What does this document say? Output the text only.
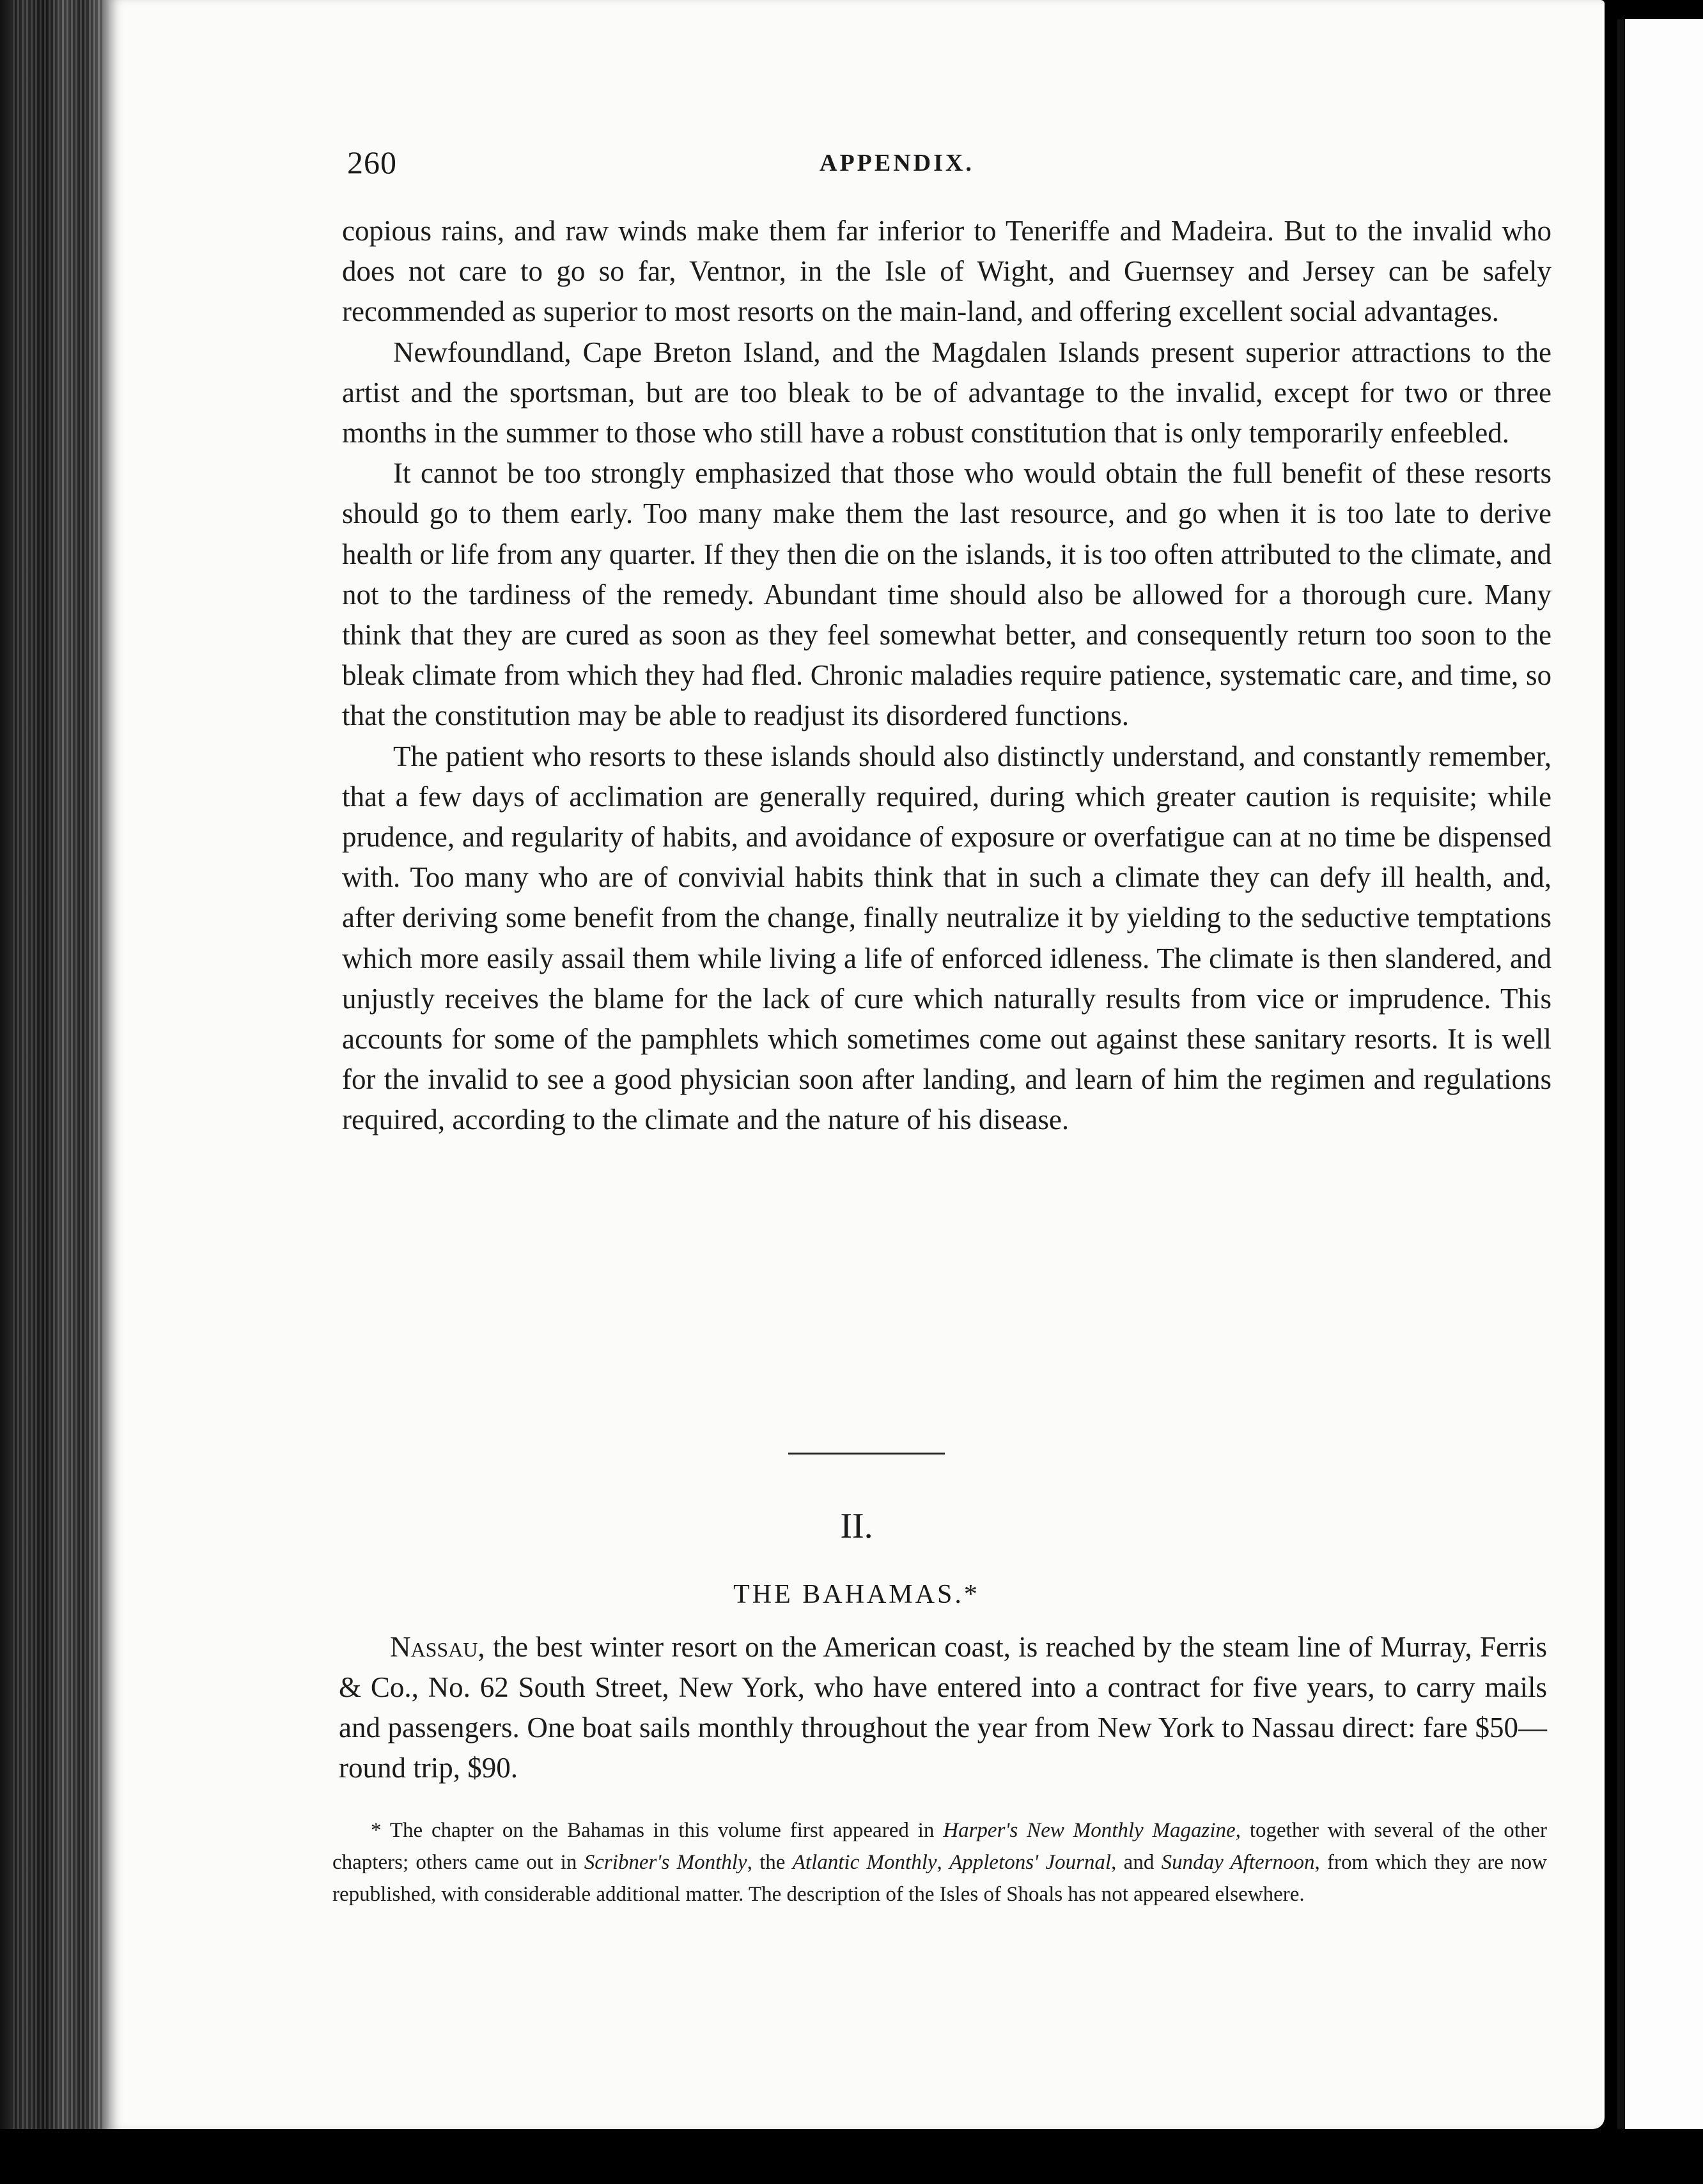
260	APPENDIX.

copious rains, and raw winds make them far inferior to Teneriffe and Madeira. But to the invalid who does not care to go so far, Ventnor, in the Isle of Wight, and Guernsey and Jersey can be safely recommended as superior to most resorts on the main-land, and offering excellent social advantages.

Newfoundland, Cape Breton Island, and the Magdalen Islands present superior attractions to the artist and the sportsman, but are too bleak to be of advantage to the invalid, except for two or three months in the summer to those who still have a robust constitution that is only temporarily enfeebled.

It cannot be too strongly emphasized that those who would obtain the full benefit of these resorts should go to them early. Too many make them the last resource, and go when it is too late to derive health or life from any quarter. If they then die on the islands, it is too often attributed to the climate, and not to the tardiness of the remedy. Abundant time should also be allowed for a thorough cure. Many think that they are cured as soon as they feel somewhat better, and consequently return too soon to the bleak climate from which they had fled. Chronic maladies require patience, systematic care, and time, so that the constitution may be able to readjust its disordered functions.

The patient who resorts to these islands should also distinctly understand, and constantly remember, that a few days of acclimation are generally required, during which greater caution is requisite; while prudence, and regularity of habits, and avoidance of exposure or overfatigue can at no time be dispensed with. Too many who are of convivial habits think that in such a climate they can defy ill health, and, after deriving some benefit from the change, finally neutralize it by yielding to the seductive temptations which more easily assail them while living a life of enforced idleness. The climate is then slandered, and unjustly receives the blame for the lack of cure which naturally results from vice or imprudence. This accounts for some of the pamphlets which sometimes come out against these sanitary resorts. It is well for the invalid to see a good physician soon after landing, and learn of him the regimen and regulations required, according to the climate and the nature of his disease.

II.
THE BAHAMAS.*

Nassau, the best winter resort on the American coast, is reached by the steam line of Murray, Ferris & Co., No. 62 South Street, New York, who have entered into a contract for five years, to carry mails and passengers. One boat sails monthly throughout the year from New York to Nassau direct: fare $50—round trip, $90.

* The chapter on the Bahamas in this volume first appeared in Harper's New Monthly Magazine, together with several of the other chapters; others came out in Scribner's Monthly, the Atlantic Monthly, Appletons' Journal, and Sunday Afternoon, from which they are now republished, with considerable additional matter. The description of the Isles of Shoals has not appeared elsewhere.
